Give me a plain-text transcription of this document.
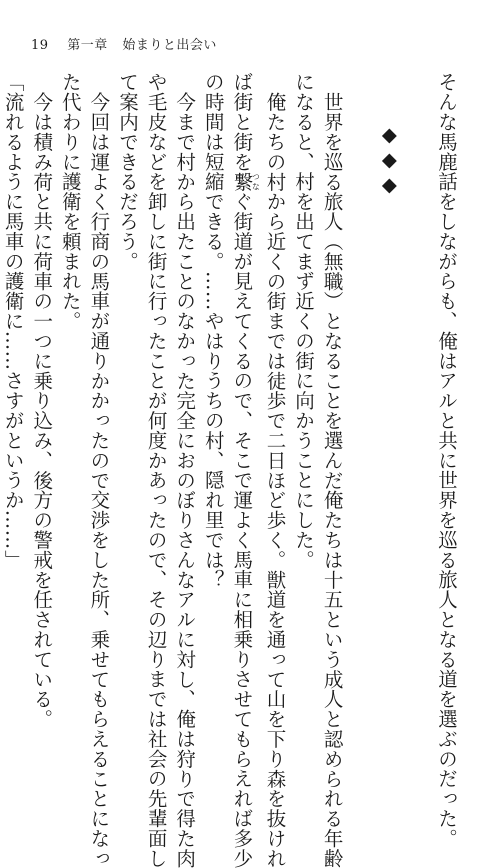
19 第一章 始まりと出会い
そんな馬鹿話をしながらも、俺はアルと共に世界を巡る旅人となる道を選ぶのだった。
◆◆◆
世界を巡る旅人（無職）となることを選んだ俺たちは十五という成人と認められる年齢
になると、村を出てまず近くの街に向かうことにした。
俺たちの村から近くの街までは徒歩で二日ほど歩く。獣道を通って山を下り森を抜けれ
ば街と街を繋つなぐ街道が見えてくるので、そこで運よく馬車に相乗りさせてもらえれば多少
の時間は短縮できる。……やはりうちの村、隠れ里では？
今まで村から出たことのなかった完全におのぼりさんなアルに対し、俺は狩りで得た肉
や毛皮などを卸しに街に行ったことが何度かあったので、その辺りまでは社会の先輩面し
て案内できるだろう。
今回は運よく行商の馬車が通りかかったので交渉をした所、乗せてもらえることになっ
た代わりに護衛を頼まれた。
今は積み荷と共に荷車の一つに乗り込み、後方の警戒を任されている。
「流れるように馬車の護衛に……さすがというか……」
